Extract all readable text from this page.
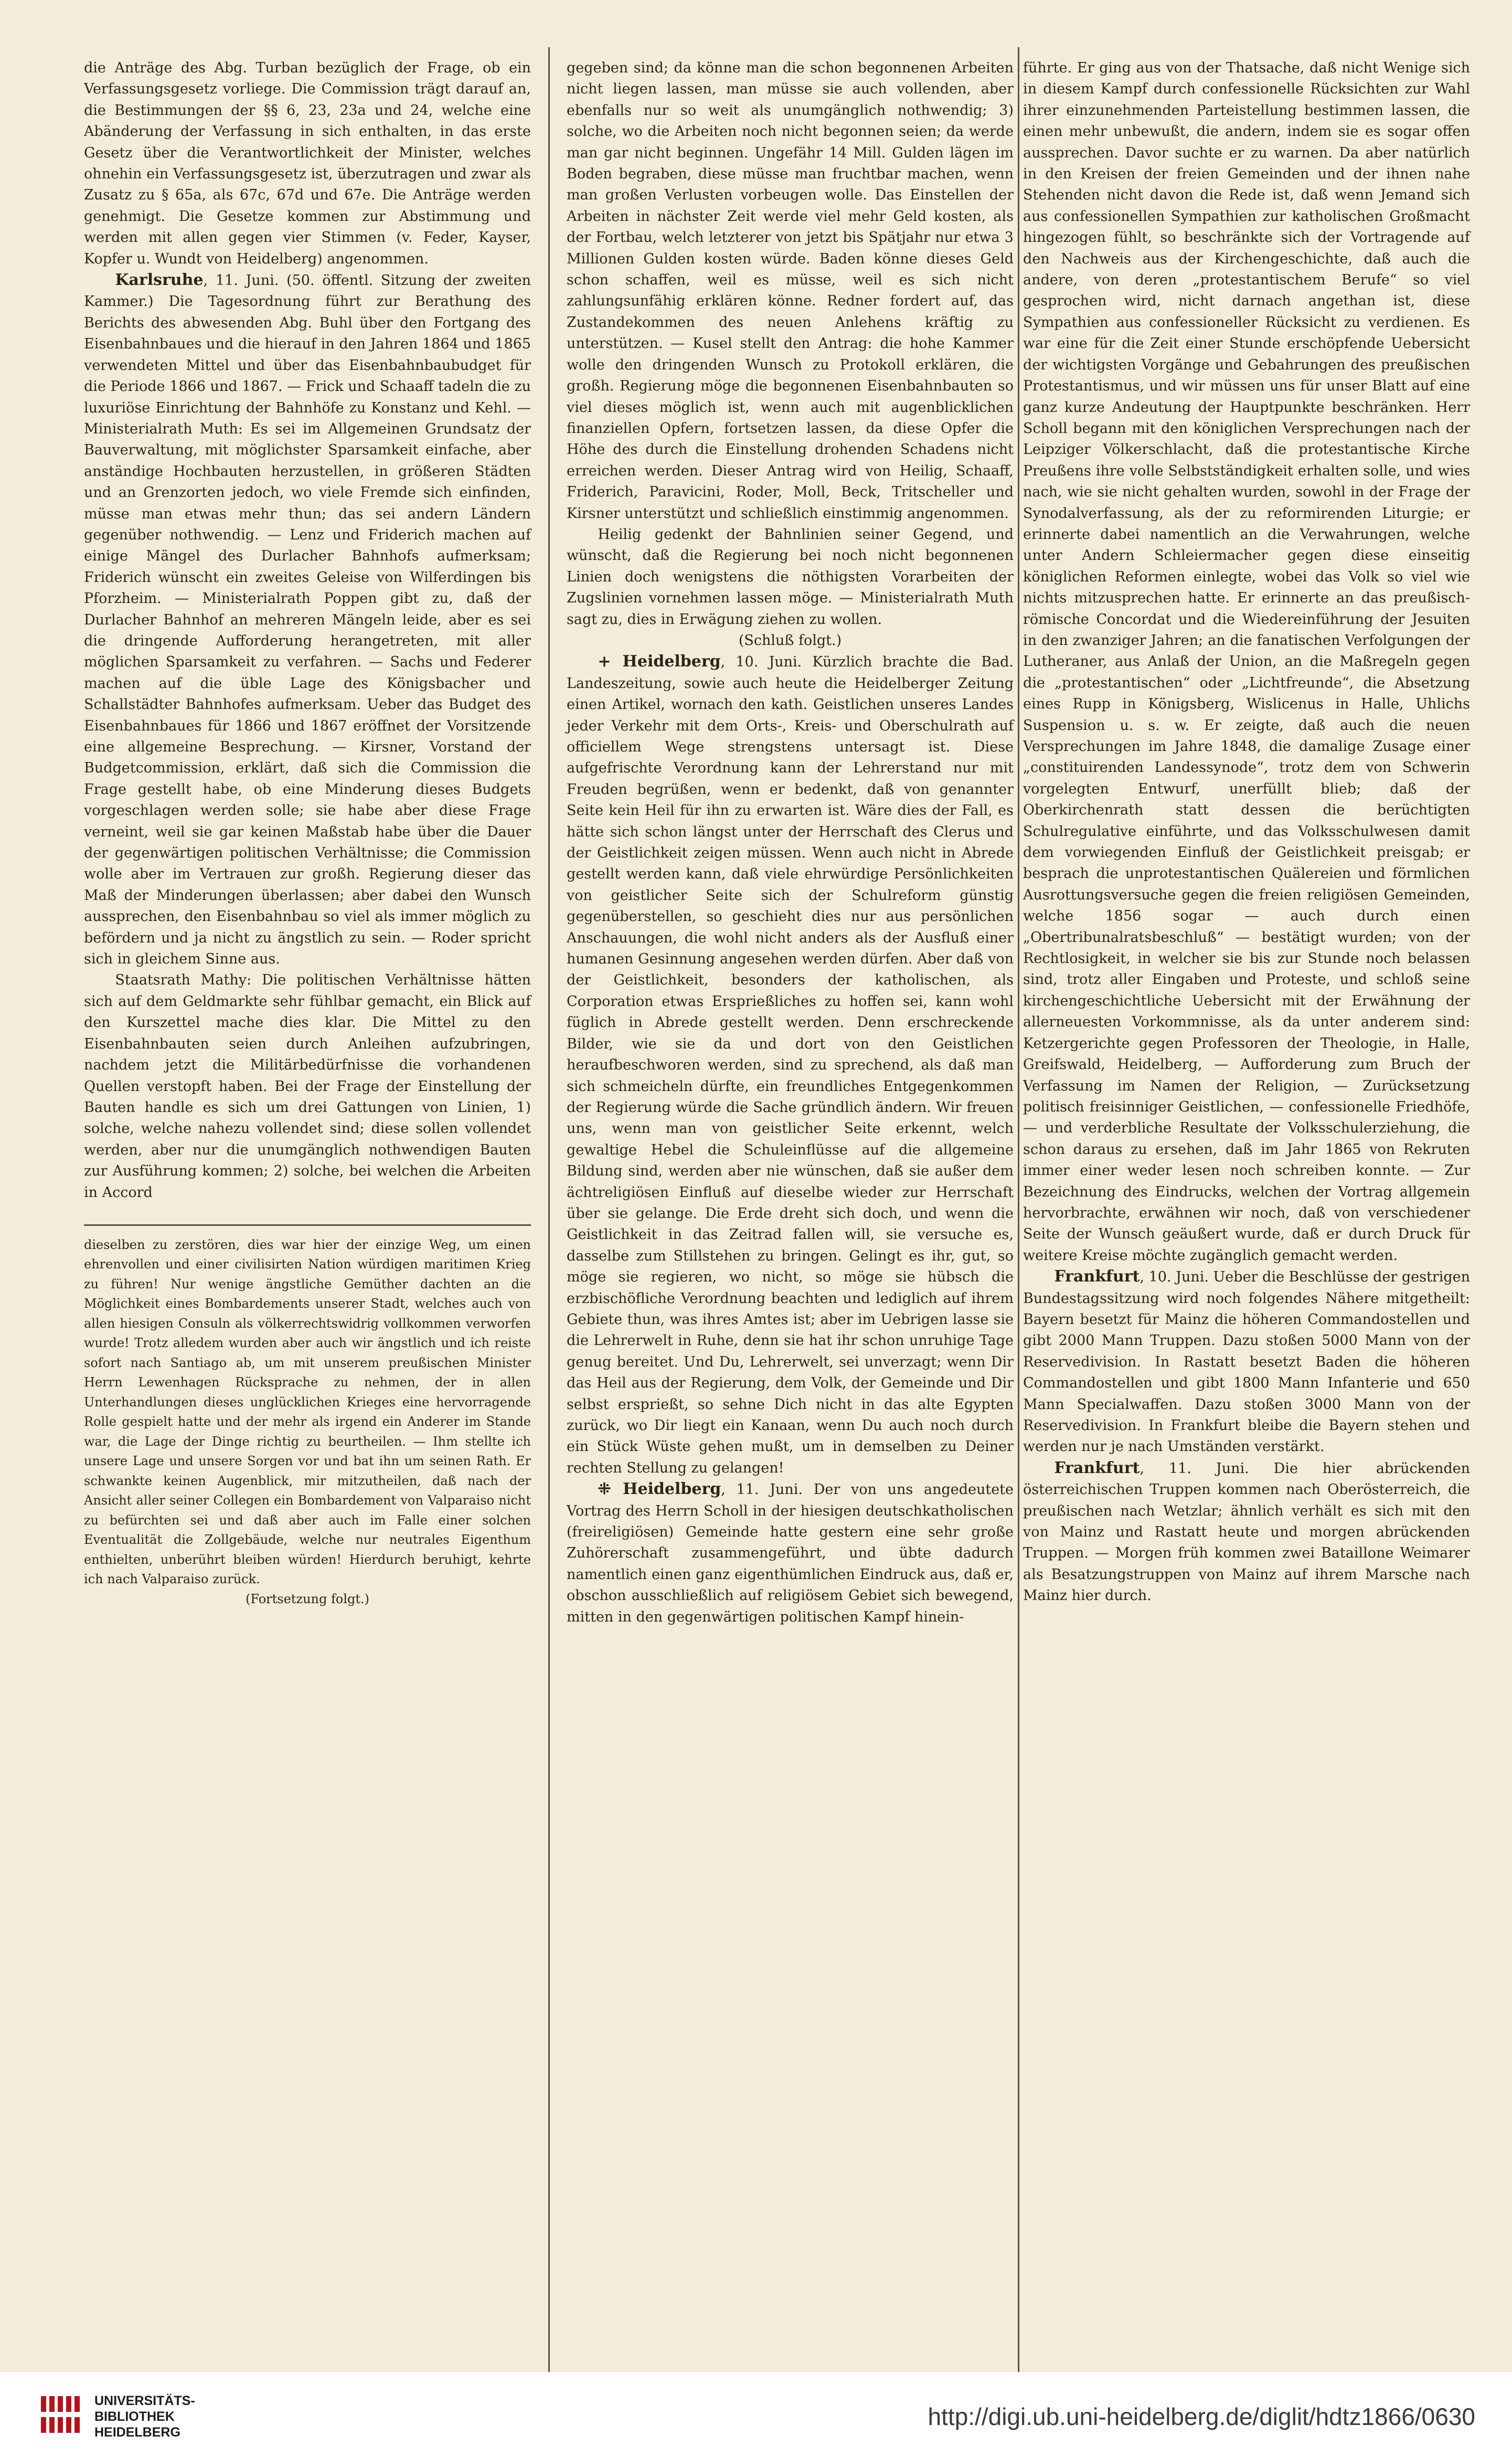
die Anträge des Abg. Turban bezüglich der Frage, ob ein Verfassungsgesetz vorliege. Die Commission trägt darauf an, die Bestimmungen der §§ 6, 23, 23a und 24, welche eine Abänderung der Verfassung in sich enthalten, in das erste Gesetz über die Verantwortlichkeit der Minister, welches ohnehin ein Verfassungsgesetz ist, überzutragen und zwar als Zusatz zu § 65a, als 67c, 67d und 67e. Die Anträge werden genehmigt. Die Gesetze kommen zur Abstimmung und werden mit allen gegen vier Stimmen (v. Feder, Kayser, Kopfer u. Wundt von Heidelberg) angenommen.

Karlsruhe, 11. Juni. (50. öffentl. Sitzung der zweiten Kammer.) Die Tagesordnung führt zur Berathung des Berichts des abwesenden Abg. Buhl über den Fortgang des Eisenbahnbaues und die hierauf in den Jahren 1864 und 1865 verwendeten Mittel und über das Eisenbahnbaubudget für die Periode 1866 und 1867. — Frick und Schaaff tadeln die zu luxuriöse Einrichtung der Bahnhöfe zu Konstanz und Kehl. — Ministerialrath Muth: Es sei im Allgemeinen Grundsatz der Bauverwaltung, mit möglichster Sparsamkeit einfache, aber anständige Hochbauten herzustellen, in größeren Städten und an Grenzorten jedoch, wo viele Fremde sich einfinden, müsse man etwas mehr thun; das sei andern Ländern gegenüber nothwendig. — Lenz und Friderich machen auf einige Mängel des Durlacher Bahnhofs aufmerksam; Friderich wünscht ein zweites Geleise von Wilferdingen bis Pforzheim. — Ministerialrath Poppen gibt zu, daß der Durlacher Bahnhof an mehreren Mängeln leide, aber es sei die dringende Aufforderung herangetreten, mit aller möglichen Sparsamkeit zu verfahren. — Sachs und Federer machen auf die üble Lage des Königsbacher und Schallstädter Bahnhofes aufmerksam. Ueber das Budget des Eisenbahnbaues für 1866 und 1867 eröffnet der Vorsitzende eine allgemeine Besprechung. — Kirsner, Vorstand der Budgetcommission, erklärt, daß sich die Commission die Frage gestellt habe, ob eine Minderung dieses Budgets vorgeschlagen werden solle; sie habe aber diese Frage verneint, weil sie gar keinen Maßstab habe über die Dauer der gegenwärtigen politischen Verhältnisse; die Commission wolle aber im Vertrauen zur großh. Regierung dieser das Maß der Minderungen überlassen; aber dabei den Wunsch aussprechen, den Eisenbahnbau so viel als immer möglich zu befördern und ja nicht zu ängstlich zu sein. — Roder spricht sich in gleichem Sinne aus.

Staatsrath Mathy: Die politischen Verhältnisse hätten sich auf dem Geldmarkte sehr fühlbar gemacht, ein Blick auf den Kurszettel mache dies klar. Die Mittel zu den Eisenbahnbauten seien durch Anleihen aufzubringen, nachdem jetzt die Militärbedürfnisse die vorhandenen Quellen verstopft haben. Bei der Frage der Einstellung der Bauten handle es sich um drei Gattungen von Linien, 1) solche, welche nahezu vollendet sind; diese sollen vollendet werden, aber nur die unumgänglich nothwendigen Bauten zur Ausführung kommen; 2) solche, bei welchen die Arbeiten in Accord

dieselben zu zerstören, dies war hier der einzige Weg, um einen ehrenvollen und einer civilisirten Nation würdigen maritimen Krieg zu führen! Nur wenige ängstliche Gemüther dachten an die Möglichkeit eines Bombardements unserer Stadt, welches auch von allen hiesigen Consuln als völkerrechtswidrig vollkommen verworfen wurde! Trotz alledem wurden aber auch wir ängstlich und ich reiste sofort nach Santiago ab, um mit unserem preußischen Minister Herrn Lewenhagen Rücksprache zu nehmen, der in allen Unterhandlungen dieses unglücklichen Krieges eine hervorragende Rolle gespielt hatte und der mehr als irgend ein Anderer im Stande war, die Lage der Dinge richtig zu beurtheilen. — Ihm stellte ich unsere Lage und unsere Sorgen vor und bat ihn um seinen Rath. Er schwankte keinen Augenblick, mir mitzutheilen, daß nach der Ansicht aller seiner Collegen ein Bombardement von Valparaiso nicht zu befürchten sei und daß aber auch im Falle einer solchen Eventualität die Zollgebäude, welche nur neutrales Eigenthum enthielten, unberührt bleiben würden! Hierdurch beruhigt, kehrte ich nach Valparaiso zurück.

(Fortsetzung folgt.)

gegeben sind; da könne man die schon begonnenen Arbeiten nicht liegen lassen, man müsse sie auch vollenden, aber ebenfalls nur so weit als unumgänglich nothwendig; 3) solche, wo die Arbeiten noch nicht begonnen seien; da werde man gar nicht beginnen. Ungefähr 14 Mill. Gulden lägen im Boden begraben, diese müsse man fruchtbar machen, wenn man großen Verlusten vorbeugen wolle. Das Einstellen der Arbeiten in nächster Zeit werde viel mehr Geld kosten, als der Fortbau, welch letzterer von jetzt bis Spätjahr nur etwa 3 Millionen Gulden kosten würde. Baden könne dieses Geld schon schaffen, weil es müsse, weil es sich nicht zahlungsunfähig erklären könne. Redner fordert auf, das Zustandekommen des neuen Anlehens kräftig zu unterstützen. — Kusel stellt den Antrag: die hohe Kammer wolle den dringenden Wunsch zu Protokoll erklären, die großh. Regierung möge die begonnenen Eisenbahnbauten so viel dieses möglich ist, wenn auch mit augenblicklichen finanziellen Opfern, fortsetzen lassen, da diese Opfer die Höhe des durch die Einstellung drohenden Schadens nicht erreichen werden. Dieser Antrag wird von Heilig, Schaaff, Friderich, Paravicini, Roder, Moll, Beck, Tritscheller und Kirsner unterstützt und schließlich einstimmig angenommen.

Heilig gedenkt der Bahnlinien seiner Gegend, und wünscht, daß die Regierung bei noch nicht begonnenen Linien doch wenigstens die nöthigsten Vorarbeiten der Zugslinien vornehmen lassen möge. — Ministerialrath Muth sagt zu, dies in Erwägung ziehen zu wollen.

(Schluß folgt.)

+ Heidelberg, 10. Juni. Kürzlich brachte die Bad. Landeszeitung, sowie auch heute die Heidelberger Zeitung einen Artikel, wornach den kath. Geistlichen unseres Landes jeder Verkehr mit dem Orts-, Kreis- und Oberschulrath auf officiellem Wege strengstens untersagt ist. Diese aufgefrischte Verordnung kann der Lehrerstand nur mit Freuden begrüßen, wenn er bedenkt, daß von genannter Seite kein Heil für ihn zu erwarten ist. Wäre dies der Fall, es hätte sich schon längst unter der Herrschaft des Clerus und der Geistlichkeit zeigen müssen. Wenn auch nicht in Abrede gestellt werden kann, daß viele ehrwürdige Persönlichkeiten von geistlicher Seite sich der Schulreform günstig gegenüberstellen, so geschieht dies nur aus persönlichen Anschauungen, die wohl nicht anders als der Ausfluß einer humanen Gesinnung angesehen werden dürfen. Aber daß von der Geistlichkeit, besonders der katholischen, als Corporation etwas Ersprießliches zu hoffen sei, kann wohl füglich in Abrede gestellt werden. Denn erschreckende Bilder, wie sie da und dort von den Geistlichen heraufbeschworen werden, sind zu sprechend, als daß man sich schmeicheln dürfte, ein freundliches Entgegenkommen der Regierung würde die Sache gründlich ändern. Wir freuen uns, wenn man von geistlicher Seite erkennt, welch gewaltige Hebel die Schuleinflüsse auf die allgemeine Bildung sind, werden aber nie wünschen, daß sie außer dem ächtreligiösen Einfluß auf dieselbe wieder zur Herrschaft über sie gelange. Die Erde dreht sich doch, und wenn die Geistlichkeit in das Zeitrad fallen will, sie versuche es, dasselbe zum Stillstehen zu bringen. Gelingt es ihr, gut, so möge sie regieren, wo nicht, so möge sie hübsch die erzbischöfliche Verordnung beachten und lediglich auf ihrem Gebiete thun, was ihres Amtes ist; aber im Uebrigen lasse sie die Lehrerwelt in Ruhe, denn sie hat ihr schon unruhige Tage genug bereitet. Und Du, Lehrerwelt, sei unverzagt; wenn Dir das Heil aus der Regierung, dem Volk, der Gemeinde und Dir selbst ersprießt, so sehne Dich nicht in das alte Egypten zurück, wo Dir liegt ein Kanaan, wenn Du auch noch durch ein Stück Wüste gehen mußt, um in demselben zu Deiner rechten Stellung zu gelangen!

⁜ Heidelberg, 11. Juni. Der von uns angedeutete Vortrag des Herrn Scholl in der hiesigen deutschkatholischen (freireligiösen) Gemeinde hatte gestern eine sehr große Zuhörerschaft zusammengeführt, und übte dadurch namentlich einen ganz eigenthümlichen Eindruck aus, daß er, obschon ausschließlich auf religiösem Gebiet sich bewegend, mitten in den gegenwärtigen politischen Kampf hinein-

führte. Er ging aus von der Thatsache, daß nicht Wenige sich in diesem Kampf durch confessionelle Rücksichten zur Wahl ihrer einzunehmenden Parteistellung bestimmen lassen, die einen mehr unbewußt, die andern, indem sie es sogar offen aussprechen. Davor suchte er zu warnen. Da aber natürlich in den Kreisen der freien Gemeinden und der ihnen nahe Stehenden nicht davon die Rede ist, daß wenn Jemand sich aus confessionellen Sympathien zur katholischen Großmacht hingezogen fühlt, so beschränkte sich der Vortragende auf den Nachweis aus der Kirchengeschichte, daß auch die andere, von deren „protestantischem Berufe“ so viel gesprochen wird, nicht darnach angethan ist, diese Sympathien aus confessioneller Rücksicht zu verdienen. Es war eine für die Zeit einer Stunde erschöpfende Uebersicht der wichtigsten Vorgänge und Gebahrungen des preußischen Protestantismus, und wir müssen uns für unser Blatt auf eine ganz kurze Andeutung der Hauptpunkte beschränken. Herr Scholl begann mit den königlichen Versprechungen nach der Leipziger Völkerschlacht, daß die protestantische Kirche Preußens ihre volle Selbstständigkeit erhalten solle, und wies nach, wie sie nicht gehalten wurden, sowohl in der Frage der Synodalverfassung, als der zu reformirenden Liturgie; er erinnerte dabei namentlich an die Verwahrungen, welche unter Andern Schleiermacher gegen diese einseitig königlichen Reformen einlegte, wobei das Volk so viel wie nichts mitzusprechen hatte. Er erinnerte an das preußisch-römische Concordat und die Wiedereinführung der Jesuiten in den zwanziger Jahren; an die fanatischen Verfolgungen der Lutheraner, aus Anlaß der Union, an die Maßregeln gegen die „protestantischen“ oder „Lichtfreunde“, die Absetzung eines Rupp in Königsberg, Wislicenus in Halle, Uhlichs Suspension u. s. w. Er zeigte, daß auch die neuen Versprechungen im Jahre 1848, die damalige Zusage einer „constituirenden Landessynode“, trotz dem von Schwerin vorgelegten Entwurf, unerfüllt blieb; daß der Oberkirchenrath statt dessen die berüchtigten Schulregulative einführte, und das Volksschulwesen damit dem vorwiegenden Einfluß der Geistlichkeit preisgab; er besprach die unprotestantischen Quälereien und förmlichen Ausrottungsversuche gegen die freien religiösen Gemeinden, welche 1856 sogar — auch durch einen „Obertribunalratsbeschluß“ — bestätigt wurden; von der Rechtlosigkeit, in welcher sie bis zur Stunde noch belassen sind, trotz aller Eingaben und Proteste, und schloß seine kirchengeschichtliche Uebersicht mit der Erwähnung der allerneuesten Vorkommnisse, als da unter anderem sind: Ketzergerichte gegen Professoren der Theologie, in Halle, Greifswald, Heidelberg, — Aufforderung zum Bruch der Verfassung im Namen der Religion, — Zurücksetzung politisch freisinniger Geistlichen, — confessionelle Friedhöfe, — und verderbliche Resultate der Volksschulerziehung, die schon daraus zu ersehen, daß im Jahr 1865 von Rekruten immer einer weder lesen noch schreiben konnte. — Zur Bezeichnung des Eindrucks, welchen der Vortrag allgemein hervorbrachte, erwähnen wir noch, daß von verschiedener Seite der Wunsch geäußert wurde, daß er durch Druck für weitere Kreise möchte zugänglich gemacht werden.

Frankfurt, 10. Juni. Ueber die Beschlüsse der gestrigen Bundestagssitzung wird noch folgendes Nähere mitgetheilt: Bayern besetzt für Mainz die höheren Commandostellen und gibt 2000 Mann Truppen. Dazu stoßen 5000 Mann von der Reservedivision. In Rastatt besetzt Baden die höheren Commandostellen und gibt 1800 Mann Infanterie und 650 Mann Specialwaffen. Dazu stoßen 3000 Mann von der Reservedivision. In Frankfurt bleibe die Bayern stehen und werden nur je nach Umständen verstärkt.

Frankfurt, 11. Juni. Die hier abrückenden österreichischen Truppen kommen nach Oberösterreich, die preußischen nach Wetzlar; ähnlich verhält es sich mit den von Mainz und Rastatt heute und morgen abrückenden Truppen. — Morgen früh kommen zwei Bataillone Weimarer als Besatzungstruppen von Mainz auf ihrem Marsche nach Mainz hier durch.

UNIVERSITÄTS-
BIBLIOTHEK
HEIDELBERG
http://digi.ub.uni-heidelberg.de/diglit/hdtz1866/0630
